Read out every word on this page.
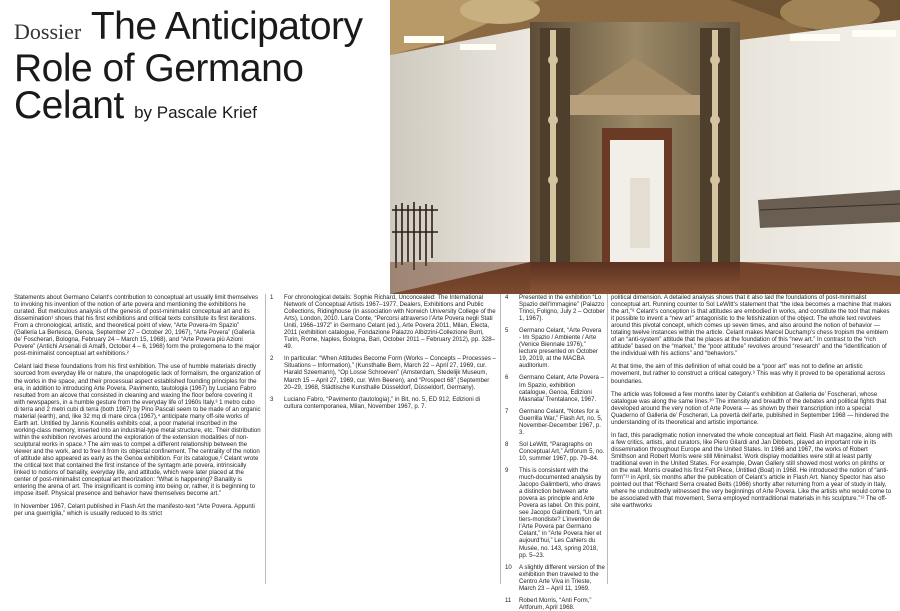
Dossier The Anticipatory
Role of Germano
Celant by Pascale Krief

Statements about Germano Celant’s contribution to conceptual art usually limit themselves to invoking his invention of the notion of arte povera and mentioning the exhibitions he curated. But meticulous analysis of the genesis of post-minimalist conceptual art and its dissemination¹ shows that his first exhibitions and critical texts constitute its first iterations. From a chronological, artistic, and theoretical point of view, “Arte Povera-Im Spazio” (Galleria La Bertesca, Genoa, September 27 – October 20, 1967), “Arte Povera” (Galleria de’ Foscherari, Bologna, February 24 – March 15, 1968), and “Arte Povera più Azioni Povere” (Antichi Arsenali di Amalfi, October 4 – 6, 1968) form the prolegomena to the major post-minimalist conceptual art exhibitions.²

Celant laid these foundations from his first exhibition. The use of humble materials directly sourced from everyday life or nature, the unapologetic lack of formalism, the organization of the works in the space, and their processual aspect established founding principles for the era, in addition to introducing Arte Povera. Pavimento, tautologia (1967) by Luciano Fabro resulted from an alcove that consisted in cleaning and waxing the floor before covering it with newspapers, in a humble gesture from the everyday life of 1960s Italy.³ 1 metro cubo di terra and 2 metri cubi di terra (both 1967) by Pino Pascali seem to be made of an organic material (earth), and, like 32 mq di mare circa (1967),⁴ anticipate many off-site works of Earth art. Untitled by Jannis Kounellis exhibits coal, a poor material inscribed in the working-class memory, inserted into an industrial-type metal structure, etc. Their distribution within the exhibition revolves around the exploration of the extension modalities of non-sculptural works in space.⁵ The aim was to compel a different relationship between the viewer and the work, and to free it from its objectal confinement. The centrality of the notion of attitude also appeared as early as the Genoa exhibition. For its catalogue,⁶ Celant wrote the critical text that contained the first instance of the syntagm arte povera, intrinsically linked to notions of banality, everyday life, and attitude, which were later placed at the center of post-minimalist conceptual art theorization: “What is happening? Banality is entering the arena of art. The insignificant is coming into being or, rather, it is beginning to impose itself. Physical presence and behavior have themselves become art.”

In November 1967, Celant published in Flash Art the manifesto-text “Arte Povera. Appunti per una guerriglia,” which is usually reduced to its strict

1	For chronological details: Sophie Richard, Unconcealed: The International Network of Conceptual Artists 1967–1977, Dealers, Exhibitions and Public Collections, Ridinghouse (in association with Norwich University College of the Arts), London, 2010. Lara Conte, “Percorsi attraverso l’Arte Povera negli Stati Uniti, 1966–1972” in Germano Celant (ed.), Arte Povera 2011, Milan, Electa, 2011 (exhibition catalogue, Fondazione Palazzo Albizzini-Collezione Burri, Turin, Rome, Naples, Bologna, Bari, October 2011 – February 2012), pp. 328–49.
2	In particular: “When Attitudes Become Form (Works – Concepts – Processes – Situations – Information),” (Kunsthalle Bern, March 22 – April 27, 1969, cur. Harald Szeemann), “Op Losse Schroeven” (Amsterdam, Stedelijk Museum, March 15 – April 27, 1969, cur. Wim Beeren), and “Prospect 68” (September 20–29, 1968, Städtische Kunsthalle Düsseldorf, Düsseldorf, Germany).
3	Luciano Fabro, “Pavimento (tautologia),” in Bit, no. 5, ED 912, Edizioni di cultura contemporanea, Milan, November 1967, p. 7.
4	Presented in the exhibition “Lo Spazio dell’Immagine” (Palazzo Trinci, Foligno, July 2 – October 1, 1967).
5	Germano Celant, “Arte Povera - Im Spazio / Ambiente / Arte (Venice Biennale 1976),” lecture presented on October 19, 2019, at the MACBA auditorium.
6	Germano Celant, Arte Povera – Im Spazio, exhibition catalogue, Genoa, Edizioni Masnata/ Trentalance, 1967.
7	Germano Celant, “Notes for a Guerrilla War,” Flash Art, no. 5, November-December 1967, p. 3.
8	Sol LeWitt, “Paragraphs on Conceptual Art,” Artforum 5, no. 10, summer 1967, pp. 79–84.
9	This is consistent with the much-documented analysis by Jacopo Galimberti, who draws a distinction between arte povera as principle and Arte Povera as label. On this point, see Jacopo Galimberti, “Un art tiers-mondiste? L’invention de l’Arte Povera par Germano Celant,” in “Arte Povera hier et aujourd’hui,” Les Cahiers du Musée, no. 143, spring 2018, pp. 5–23.
10	A slightly different version of the exhibition then traveled to the Centro Arte Viva in Trieste, March 23 – April 11, 1969.
11	Robert Morris, “Anti Form,” Artforum, April 1968.

political dimension. A detailed analysis shows that it also laid the foundations of post-minimalist conceptual art. Running counter to Sol LeWitt’s statement that “the idea becomes a machine that makes the art,”⁸ Celant’s conception is that attitudes are embodied in works, and constitute the tool that makes it possible to invent a “new art” antagonistic to the fetishization of the object. The whole text revolves around this pivotal concept, which comes up seven times, and also around the notion of behavior — totaling twelve instances within the article. Celant makes Marcel Duchamp’s chess tropism the emblem of an “anti-system” attitude that he places at the foundation of this “new art.” In contrast to the “rich attitude” based on the “market,” the “poor attitude” revolves around “research” and the “identification of the individual with his actions” and “behaviors.”

At that time, the aim of this definition of what could be a “poor art” was not to define an artistic movement, but rather to construct a critical category.⁹ This was why it proved to be operational across boundaries.

The article was followed a few months later by Celant’s exhibition at Galleria de’ Foscherari, whose catalogue was along the same lines.¹⁰ The intensity and breadth of the debates and political fights that developed around the very notion of Arte Povera — as shown by their transcription into a special Quaderno of Galleria de’ Foscherari, La povertà dell’arte, published in September 1968 — hindered the understanding of its theoretical and artistic importance.

In fact, this paradigmatic notion innervated the whole conceptual art field. Flash Art magazine, along with a few critics, artists, and curators, like Piero Gilardi and Jan Dibbets, played an important role in its dissemination throughout Europe and the United States. In 1966 and 1967, the works of Robert Smithson and Robert Morris were still Minimalist. Work display modalities were still at least partly traditional even in the United States. For example, Dwan Gallery still showed most works on plinths or on the wall. Morris created his first Felt Piece, Untitled (Boat) in 1968. He introduced the notion of “anti-form”¹¹ in April, six months after the publication of Celant’s article in Flash Art. Nancy Spector has also pointed out that “Richard Serra created Belts (1966) shortly after returning from a year of study in Italy, where he undoubtedly witnessed the very beginnings of Arte Povera. Like the artists who would come to be associated with that movement, Serra employed nontraditional materials in his sculpture.”¹² The off-site earthworks
